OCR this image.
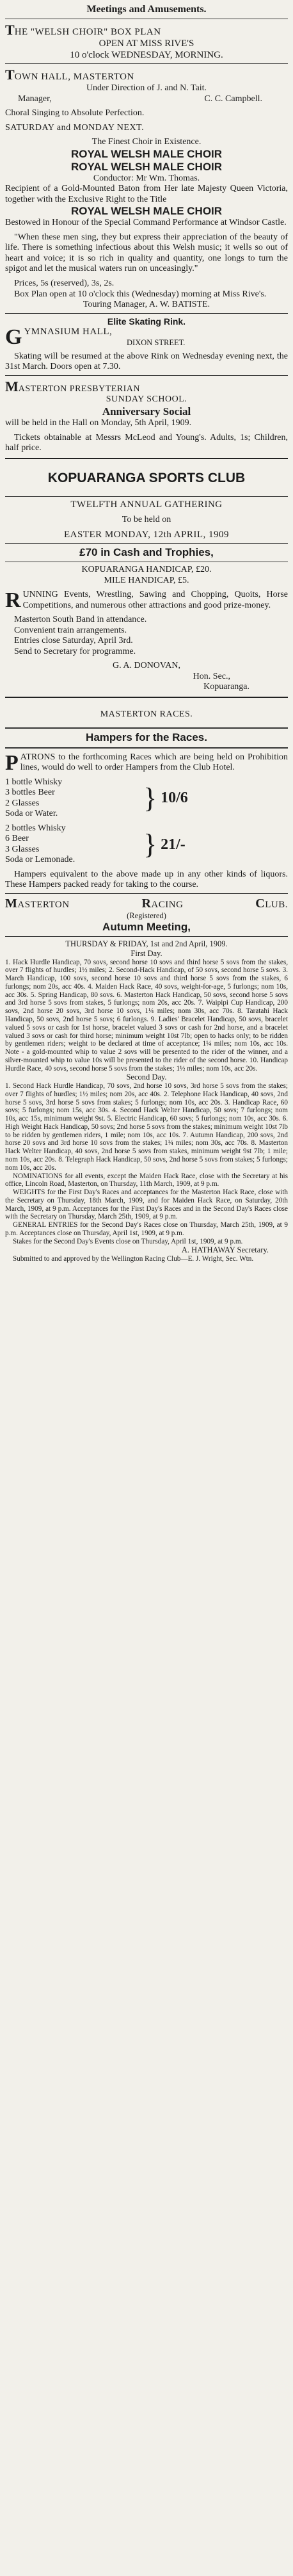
Meetings and Amusements.
THE "WELSH CHOIR" BOX PLAN
OPEN AT MISS RIVE'S
10 o'clock WEDNESDAY, MORNING.
TOWN HALL, MASTERTON
Under Direction of J. and N. Tait.
Manager,	C. C. Campbell.
Choral Singing to Absolute Perfection.
SATURDAY and MONDAY NEXT.
The Finest Choir in Existence.
ROYAL WELSH MALE CHOIR
ROYAL WELSH MALE CHOIR
Conductor: Mr Wm. Thomas.
Recipient of a Gold-Mounted Baton from Her late Majesty Queen Victoria, together with the Exclusive Right to the Title
ROYAL WELSH MALE CHOIR
Bestowed in Honour of the Special Command Performance at Windsor Castle.
"When these men sing, they but express their appreciation of the beauty of life. There is something infectious about this Welsh music; it wells so out of heart and voice; it is so rich in quality and quantity, one longs to turn the spigot and let the musical waters run on unceasingly."
Prices, 5s (reserved), 3s, 2s.
Box Plan open at 10 o'clock this (Wednesday) morning at Miss Rive's.
Touring Manager, A. W. BATISTE.
Elite Skating Rink.
GYMNASIUM HALL,
DIXON STREET.
Skating will be resumed at the above Rink on Wednesday evening next, the 31st March. Doors open at 7.30.
MASTERTON PRESBYTERIAN
SUNDAY SCHOOL.
Anniversary Social
will be held in the Hall on Monday, 5th April, 1909.
Tickets obtainable at Messrs McLeod and Young's. Adults, 1s; Children, half price.
KOPUARANGA SPORTS CLUB
TWELFTH ANNUAL GATHERING
To be held on
EASTER MONDAY, 12th APRIL, 1909
£70 in Cash and Trophies,
KOPUARANGA HANDICAP, £20.
MILE HANDICAP, £5.
RUNNING Events, Wrestling, Sawing and Chopping, Quoits, Horse Competitions, and numerous other attractions and good prize-money.
Masterton South Band in attendance.
Convenient train arrangements.
Entries close Saturday, April 3rd.
Send to Secretary for programme.
G. A. DONOVAN,
Hon. Sec.,
Kopuaranga.
MASTERTON RACES.
Hampers for the Races.
PATRONS to the forthcoming Races which are being held on Prohibition lines, would do well to order Hampers from the Club Hotel.
1 bottle Whisky
3 bottles Beer
2 Glasses
Soda or Water.
} 10/6
2 bottles Whisky
6 Beer
3 Glasses
Soda or Lemonade.
} 21/-
Hampers equivalent to the above made up in any other kinds of liquors. These Hampers packed ready for taking to the course.
MASTERTON	RACING	CLUB.
(Registered)
Autumn Meeting,
THURSDAY & FRIDAY, 1st and 2nd April, 1909.
First Day.
1. Hack Hurdle Handicap, 70 sovs, second horse 10 sovs and third horse 5 sovs from the stakes, over 7 flights of hurdles; 1½ miles; 2. Second-Hack Handicap, of 50 sovs, second horse 5 sovs. 3. March Handicap, 100 sovs, second horse 10 sovs and third horse 5 sovs from the stakes, 6 furlongs; nom 20s, acc 40s. 4. Maiden Hack Race, 40 sovs, weight-for-age, 5 furlongs; nom 10s, acc 30s. 5. Spring Handicap, 80 sovs. 6. Masterton Hack Handicap, 50 sovs, second horse 5 sovs and 3rd horse 5 sovs from stakes, 5 furlongs; nom 20s, acc 20s. 7. Waipipi Cup Handicap, 200 sovs, 2nd horse 20 sovs, 3rd horse 10 sovs, 1¼ miles; nom 30s, acc 70s. 8. Taratahi Hack Handicap, 50 sovs, 2nd horse 5 sovs; 6 furlongs. 9. Ladies' Bracelet Handicap, 50 sovs, bracelet valued 5 sovs or cash for 1st horse, bracelet valued 3 sovs or cash for 2nd horse, and a bracelet valued 3 sovs or cash for third horse; minimum weight 10st 7lb; open to hacks only; to be ridden by gentlemen riders; weight to be declared at time of acceptance; 1¼ miles; nom 10s, acc 10s. Note - a gold-mounted whip to value 2 sovs will be presented to the rider of the winner, and a silver-mounted whip to value 10s will be presented to the rider of the second horse. 10. Handicap Hurdle Race, 40 sovs, second horse 5 sovs from the stakes; 1½ miles; nom 10s, acc 20s.
Second Day.
1. Second Hack Hurdle Handicap, 70 sovs, 2nd horse 10 sovs, 3rd horse 5 sovs from the stakes; over 7 flights of hurdles; 1½ miles; nom 20s, acc 40s. 2. Telephone Hack Handicap, 40 sovs, 2nd horse 5 sovs, 3rd horse 5 sovs from stakes; 5 furlongs; nom 10s, acc 20s. 3. Handicap Race, 60 sovs; 5 furlongs; nom 15s, acc 30s. 4. Second Hack Welter Handicap, 50 sovs; 7 furlongs; nom 10s, acc 15s, minimum weight 9st. 5. Electric Handicap, 60 sovs; 5 furlongs; nom 10s, acc 30s. 6. High Weight Hack Handicap, 50 sovs; 2nd horse 5 sovs from the stakes; minimum weight 10st 7lb to be ridden by gentlemen riders, 1 mile; nom 10s, acc 10s. 7. Autumn Handicap, 200 sovs, 2nd horse 20 sovs and 3rd horse 10 sovs from the stakes; 1¼ miles; nom 30s, acc 70s. 8. Masterton Hack Welter Handicap, 40 sovs, 2nd horse 5 sovs from stakes, minimum weight 9st 7lb; 1 mile; nom 10s, acc 20s. 8. Telegraph Hack Handicap, 50 sovs, 2nd horse 5 sovs from stakes; 5 furlongs; nom 10s, acc 20s.
NOMINATIONS for all events, except the Maiden Hack Race, close with the Secretary at his office, Lincoln Road, Masterton, on Thursday, 11th March, 1909, at 9 p.m.
WEIGHTS for the First Day's Races and acceptances for the Masterton Hack Race, close with the Secretary on Thursday, 18th March, 1909, and for Maiden Hack Race, on Saturday, 20th March, 1909, at 9 p.m. Acceptances for the First Day's Races and in the Second Day's Races close with the Secretary on Thursday, March 25th, 1909, at 9 p.m.
GENERAL ENTRIES for the Second Day's Races close on Thursday, March 25th, 1909, at 9 p.m. Acceptances close on Thursday, April 1st, 1909, at 9 p.m.
Stakes for the Second Day's Events close on Thursday, April 1st, 1909, at 9 p.m.
A. HATHAWAY Secretary.
Submitted to and approved by the Wellington Racing Club—E. J. Wright, Sec. Wtn.
